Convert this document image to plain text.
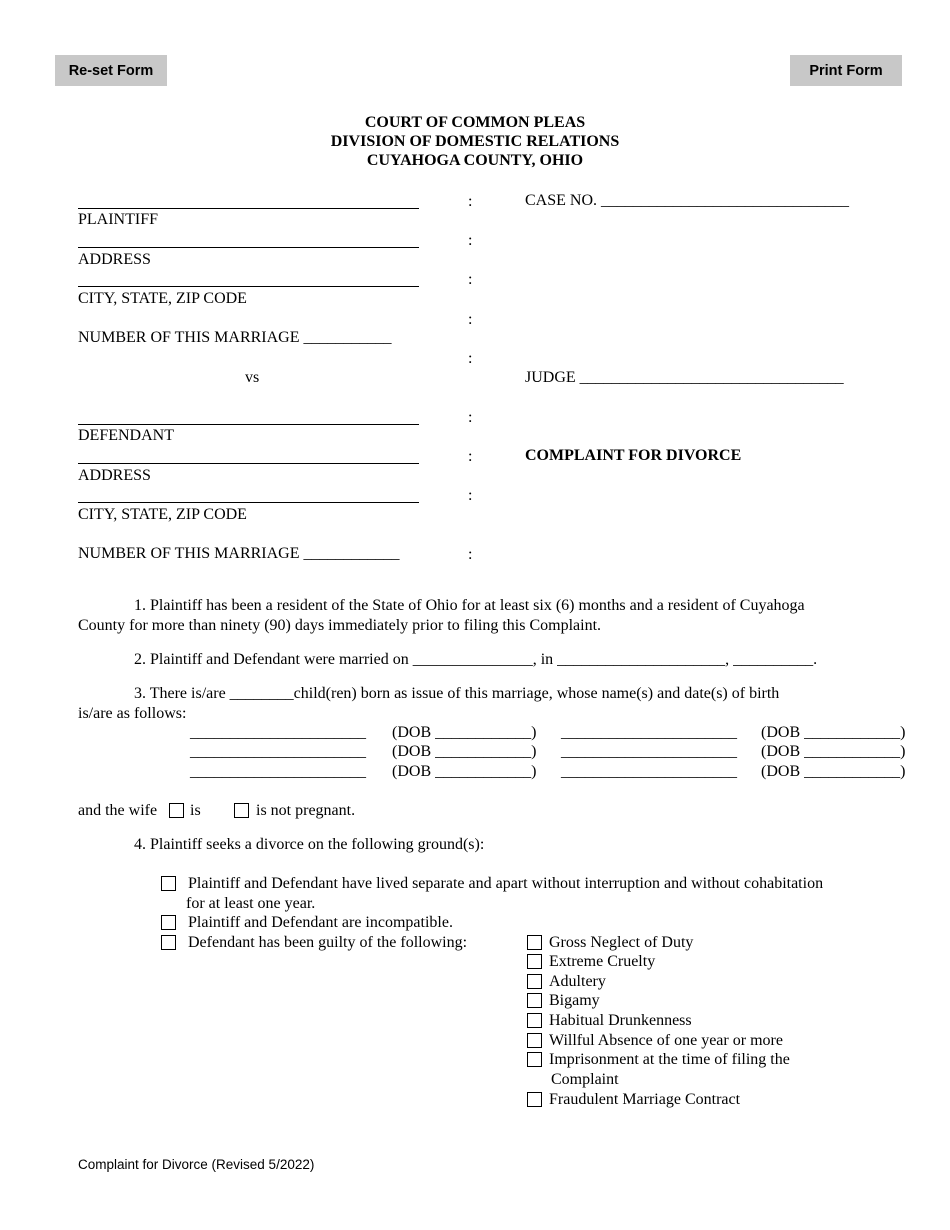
Re-set Form	Print Form
COURT OF COMMON PLEAS
DIVISION OF DOMESTIC RELATIONS
CUYAHOGA COUNTY, OHIO
PLAINTIFF
ADDRESS
CITY, STATE, ZIP CODE
NUMBER OF THIS MARRIAGE ___________
vs
DEFENDANT
ADDRESS
CITY, STATE, ZIP CODE
NUMBER OF THIS MARRIAGE ____________
:
:
:
:
:
:
:
:
:
CASE NO. _______________________________
JUDGE _________________________________
COMPLAINT FOR DIVORCE
1. Plaintiff has been a resident of the State of Ohio for at least six (6) months and a resident of Cuyahoga
County for more than ninety (90) days immediately prior to filing this Complaint.
2. Plaintiff and Defendant were married on _______________, in _____________________, __________.
3. There is/are ________child(ren) born as issue of this marriage, whose name(s) and date(s) of birth
is/are as follows:
______________________ (DOB ____________) ______________________ (DOB ____________)
______________________ (DOB ____________) ______________________ (DOB ____________)
______________________ (DOB ____________) ______________________ (DOB ____________)
and the wife is	is not pregnant.
4. Plaintiff seeks a divorce on the following ground(s):
Plaintiff and Defendant have lived separate and apart without interruption and without cohabitation
for at least one year.
Plaintiff and Defendant are incompatible.
Defendant has been guilty of the following:	Gross Neglect of Duty
Extreme Cruelty
Adultery
Bigamy
Habitual Drunkenness
Willful Absence of one year or more
Imprisonment at the time of filing the
Complaint
Fraudulent Marriage Contract
Complaint for Divorce (Revised 5/2022)
